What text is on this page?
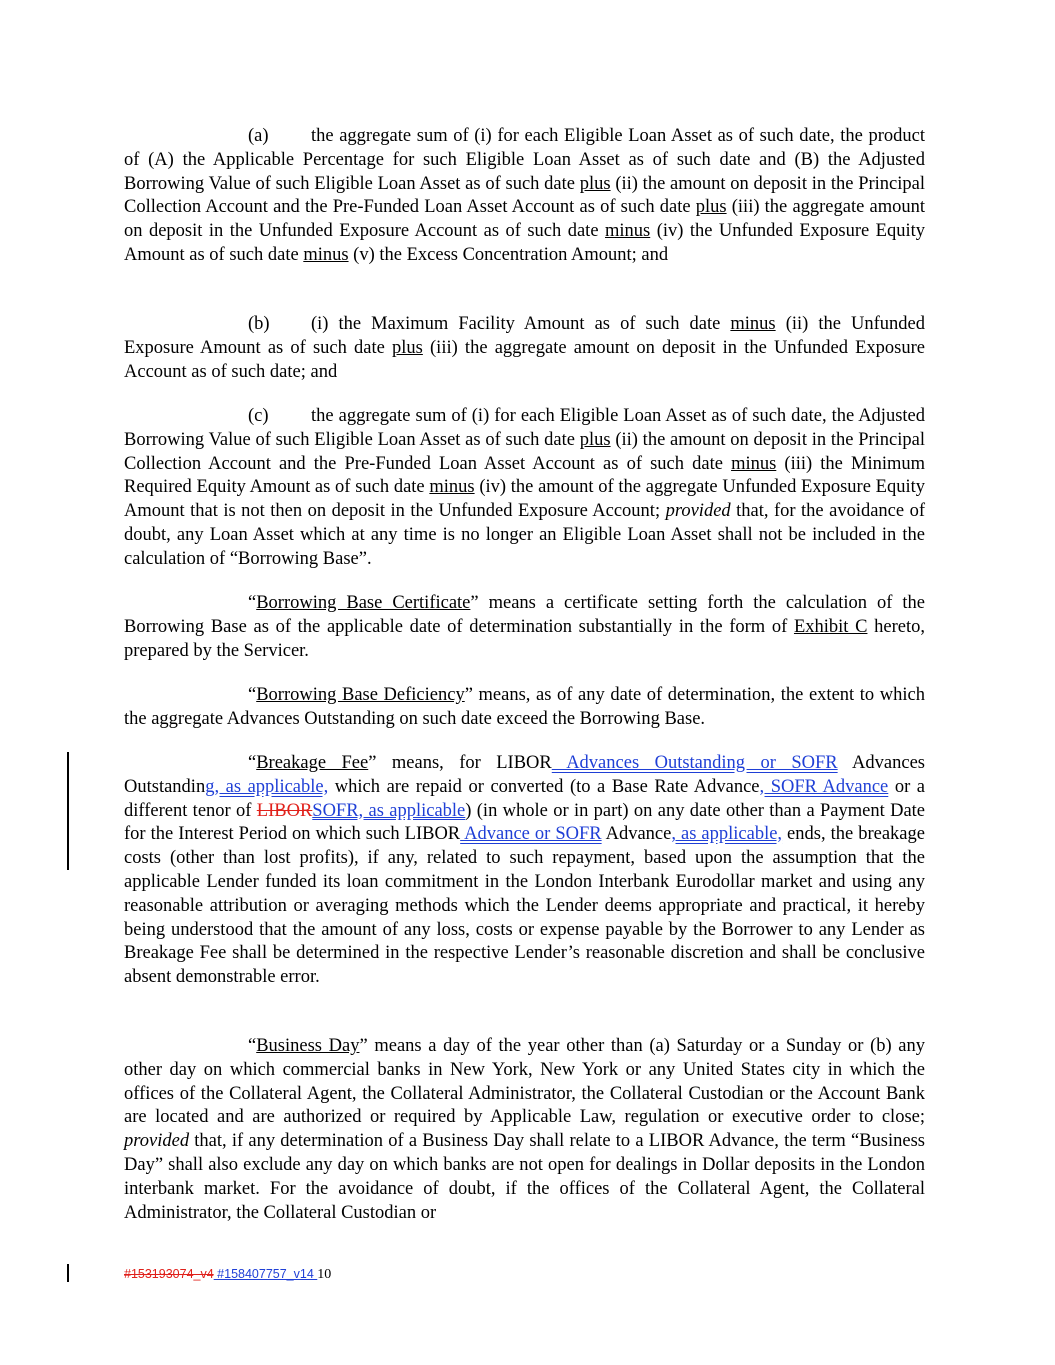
(a) the aggregate sum of (i) for each Eligible Loan Asset as of such date, the product of (A) the Applicable Percentage for such Eligible Loan Asset as of such date and (B) the Adjusted Borrowing Value of such Eligible Loan Asset as of such date plus (ii) the amount on deposit in the Principal Collection Account and the Pre-Funded Loan Asset Account as of such date plus (iii) the aggregate amount on deposit in the Unfunded Exposure Account as of such date minus (iv) the Unfunded Exposure Equity Amount as of such date minus (v) the Excess Concentration Amount; and

(b) (i) the Maximum Facility Amount as of such date minus (ii) the Unfunded Exposure Amount as of such date plus (iii) the aggregate amount on deposit in the Unfunded Exposure Account as of such date; and

(c) the aggregate sum of (i) for each Eligible Loan Asset as of such date, the Adjusted Borrowing Value of such Eligible Loan Asset as of such date plus (ii) the amount on deposit in the Principal Collection Account and the Pre-Funded Loan Asset Account as of such date minus (iii) the Minimum Required Equity Amount as of such date minus (iv) the amount of the aggregate Unfunded Exposure Equity Amount that is not then on deposit in the Unfunded Exposure Account; provided that, for the avoidance of doubt, any Loan Asset which at any time is no longer an Eligible Loan Asset shall not be included in the calculation of “Borrowing Base”.

“Borrowing Base Certificate” means a certificate setting forth the calculation of the Borrowing Base as of the applicable date of determination substantially in the form of Exhibit C hereto, prepared by the Servicer.

“Borrowing Base Deficiency” means, as of any date of determination, the extent to which the aggregate Advances Outstanding on such date exceed the Borrowing Base.

“Breakage Fee” means, for LIBOR Advances Outstanding or SOFR Advances Outstanding, as applicable, which are repaid or converted (to a Base Rate Advance, SOFR Advance or a different tenor of LIBORSOFR, as applicable) (in whole or in part) on any date other than a Payment Date for the Interest Period on which such LIBOR Advance or SOFR Advance, as applicable, ends, the breakage costs (other than lost profits), if any, related to such repayment, based upon the assumption that the applicable Lender funded its loan commitment in the London Interbank Eurodollar market and using any reasonable attribution or averaging methods which the Lender deems appropriate and practical, it hereby being understood that the amount of any loss, costs or expense payable by the Borrower to any Lender as Breakage Fee shall be determined in the respective Lender’s reasonable discretion and shall be conclusive absent demonstrable error.

“Business Day” means a day of the year other than (a) Saturday or a Sunday or (b) any other day on which commercial banks in New York, New York or any United States city in which the offices of the Collateral Agent, the Collateral Administrator, the Collateral Custodian or the Account Bank are located and are authorized or required by Applicable Law, regulation or executive order to close; provided that, if any determination of a Business Day shall relate to a LIBOR Advance, the term “Business Day” shall also exclude any day on which banks are not open for dealings in Dollar deposits in the London interbank market. For the avoidance of doubt, if the offices of the Collateral Agent, the Collateral Administrator, the Collateral Custodian or

#153193074_v4 #158407757_v14 10
